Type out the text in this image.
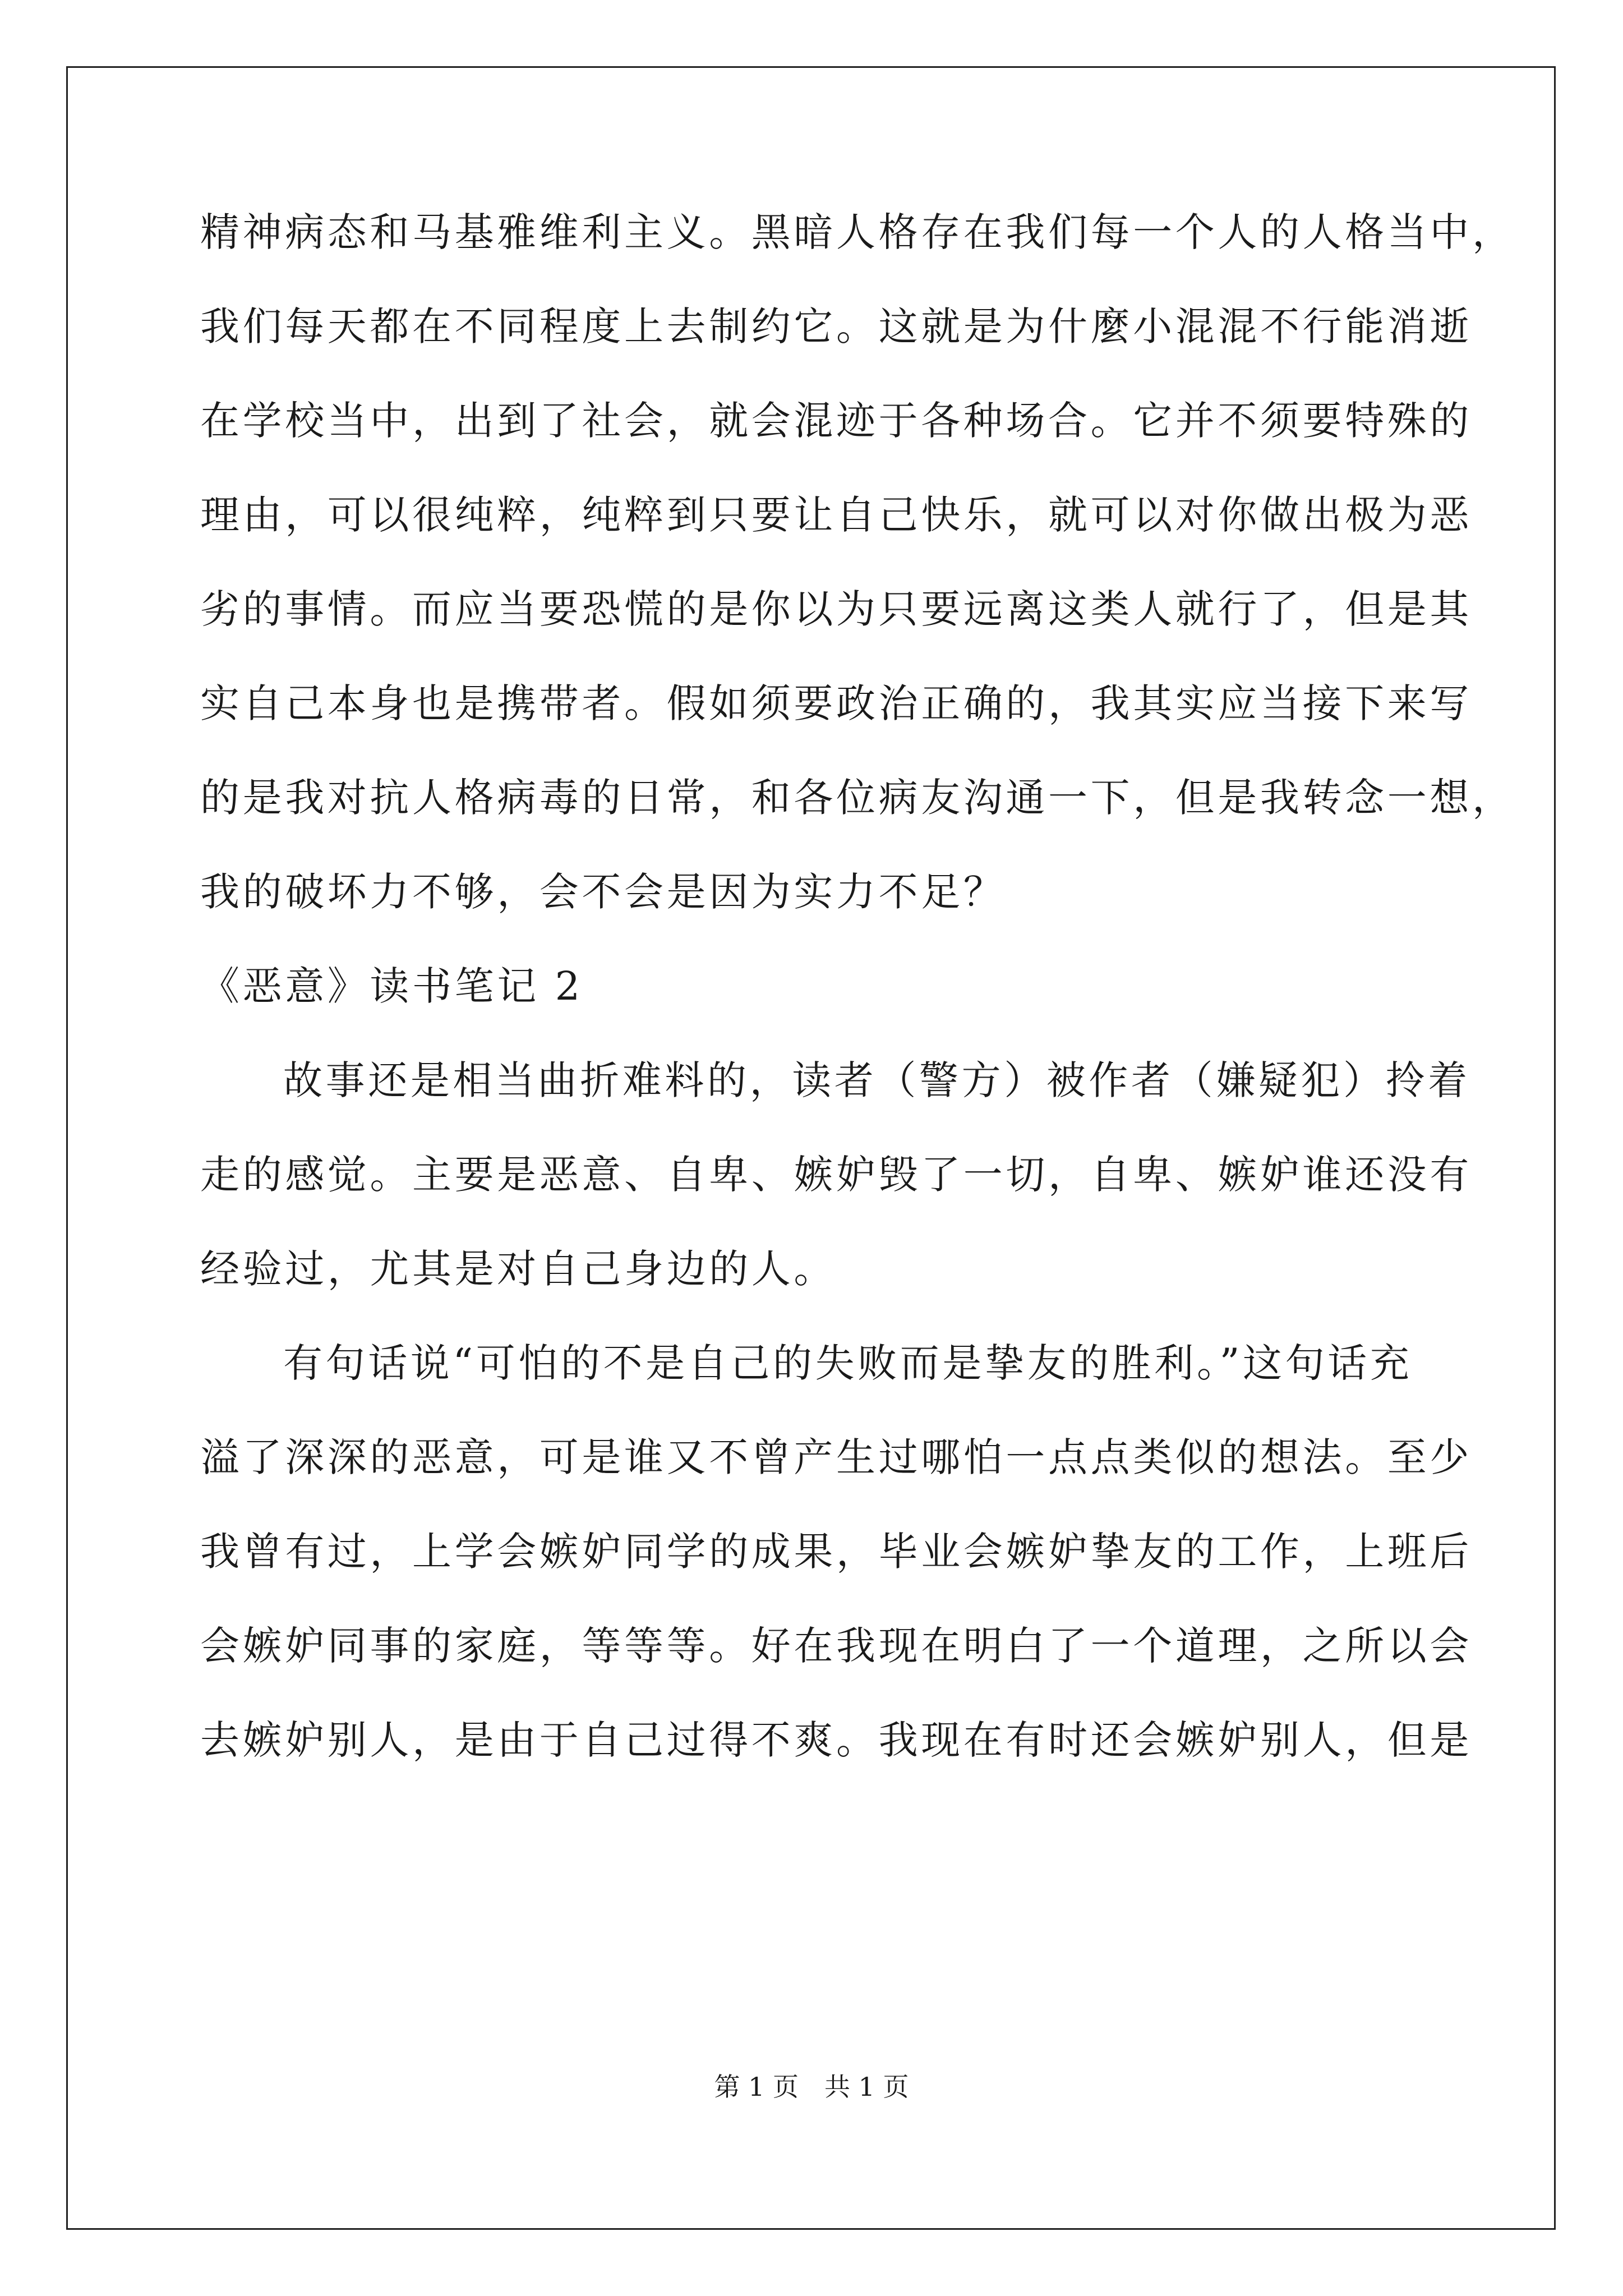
精神病态和马基雅维利主义。黑暗人格存在我们每一个人的人格当中，
我们每天都在不同程度上去制约它。这就是为什麼小混混不行能消逝
在学校当中，出到了社会，就会混迹于各种场合。它并不须要特殊的
理由，可以很纯粹，纯粹到只要让自己快乐，就可以对你做出极为恶
劣的事情。而应当要恐慌的是你以为只要远离这类人就行了，但是其
实自己本身也是携带者。假如须要政治正确的，我其实应当接下来写
的是我对抗人格病毒的日常，和各位病友沟通一下，但是我转念一想，
我的破坏力不够，会不会是因为实力不足？
《恶意》读书笔记 2
故事还是相当曲折难料的，读者（警方）被作者（嫌疑犯）拎着
走的感觉。主要是恶意、自卑、嫉妒毁了一切，自卑、嫉妒谁还没有
经验过，尤其是对自己身边的人。
有句话说“可怕的不是自己的失败而是挚友的胜利。”这句话充
溢了深深的恶意，可是谁又不曾产生过哪怕一点点类似的想法。至少
我曾有过，上学会嫉妒同学的成果，毕业会嫉妒挚友的工作，上班后
会嫉妒同事的家庭，等等等。好在我现在明白了一个道理，之所以会
去嫉妒别人，是由于自己过得不爽。我现在有时还会嫉妒别人，但是
第 1 页 共 1 页
